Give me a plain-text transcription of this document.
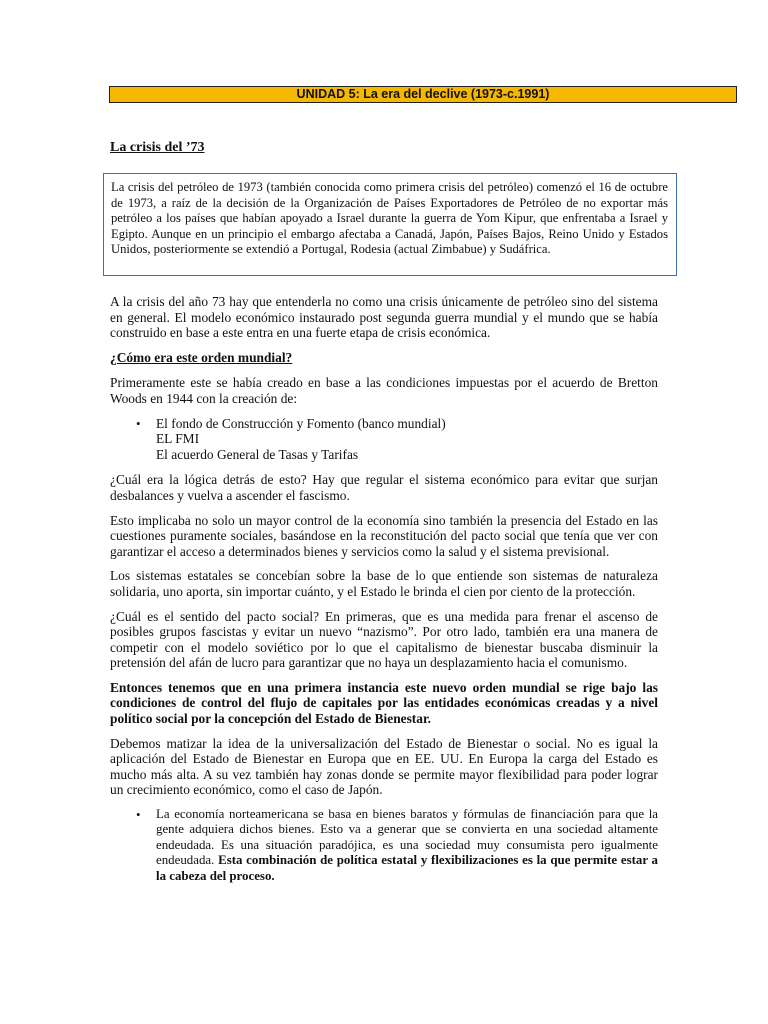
UNIDAD 5: La era del declive (1973-c.1991)
La crisis del ’73

La crisis del petróleo de 1973 (también conocida como primera crisis del petróleo) comenzó el 16 de octubre de 1973, a raíz de la decisión de la Organización de Países Exportadores de Petróleo de no exportar más petróleo a los países que habían apoyado a Israel durante la guerra de Yom Kipur, que enfrentaba a Israel y Egipto. Aunque en un principio el embargo afectaba a Canadá, Japón, Países Bajos, Reino Unido y Estados Unidos, posteriormente se extendió a Portugal, Rodesia (actual Zimbabue) y Sudáfrica.

A la crisis del año 73 hay que entenderla no como una crisis únicamente de petróleo sino del sistema en general. El modelo económico instaurado post segunda guerra mundial y el mundo que se había construido en base a este entra en una fuerte etapa de crisis económica.

¿Cómo era este orden mundial?

Primeramente este se había creado en base a las condiciones impuestas por el acuerdo de Bretton Woods en 1944 con la creación de:

• El fondo de Construcción y Fomento (banco mundial)
EL FMI
El acuerdo General de Tasas y Tarifas

¿Cuál era la lógica detrás de esto? Hay que regular el sistema económico para evitar que surjan desbalances y vuelva a ascender el fascismo.

Esto implicaba no solo un mayor control de la economía sino también la presencia del Estado en las cuestiones puramente sociales, basándose en la reconstitución del pacto social que tenía que ver con garantizar el acceso a determinados bienes y servicios como la salud y el sistema previsional.

Los sistemas estatales se concebían sobre la base de lo que entiende son sistemas de naturaleza solidaria, uno aporta, sin importar cuánto, y el Estado le brinda el cien por ciento de la protección.

¿Cuál es el sentido del pacto social? En primeras, que es una medida para frenar el ascenso de posibles grupos fascistas y evitar un nuevo “nazismo”. Por otro lado, también era una manera de competir con el modelo soviético por lo que el capitalismo de bienestar buscaba disminuir la pretensión del afán de lucro para garantizar que no haya un desplazamiento hacia el comunismo.

Entonces tenemos que en una primera instancia este nuevo orden mundial se rige bajo las condiciones de control del flujo de capitales por las entidades económicas creadas y a nivel político social por la concepción del Estado de Bienestar.

Debemos matizar la idea de la universalización del Estado de Bienestar o social. No es igual la aplicación del Estado de Bienestar en Europa que en EE. UU. En Europa la carga del Estado es mucho más alta. A su vez también hay zonas donde se permite mayor flexibilidad para poder lograr un crecimiento económico, como el caso de Japón.

• La economía norteamericana se basa en bienes baratos y fórmulas de financiación para que la gente adquiera dichos bienes. Esto va a generar que se convierta en una sociedad altamente endeudada. Es una situación paradójica, es una sociedad muy consumista pero igualmente endeudada. Esta combinación de política estatal y flexibilizaciones es la que permite estar a la cabeza del proceso.
